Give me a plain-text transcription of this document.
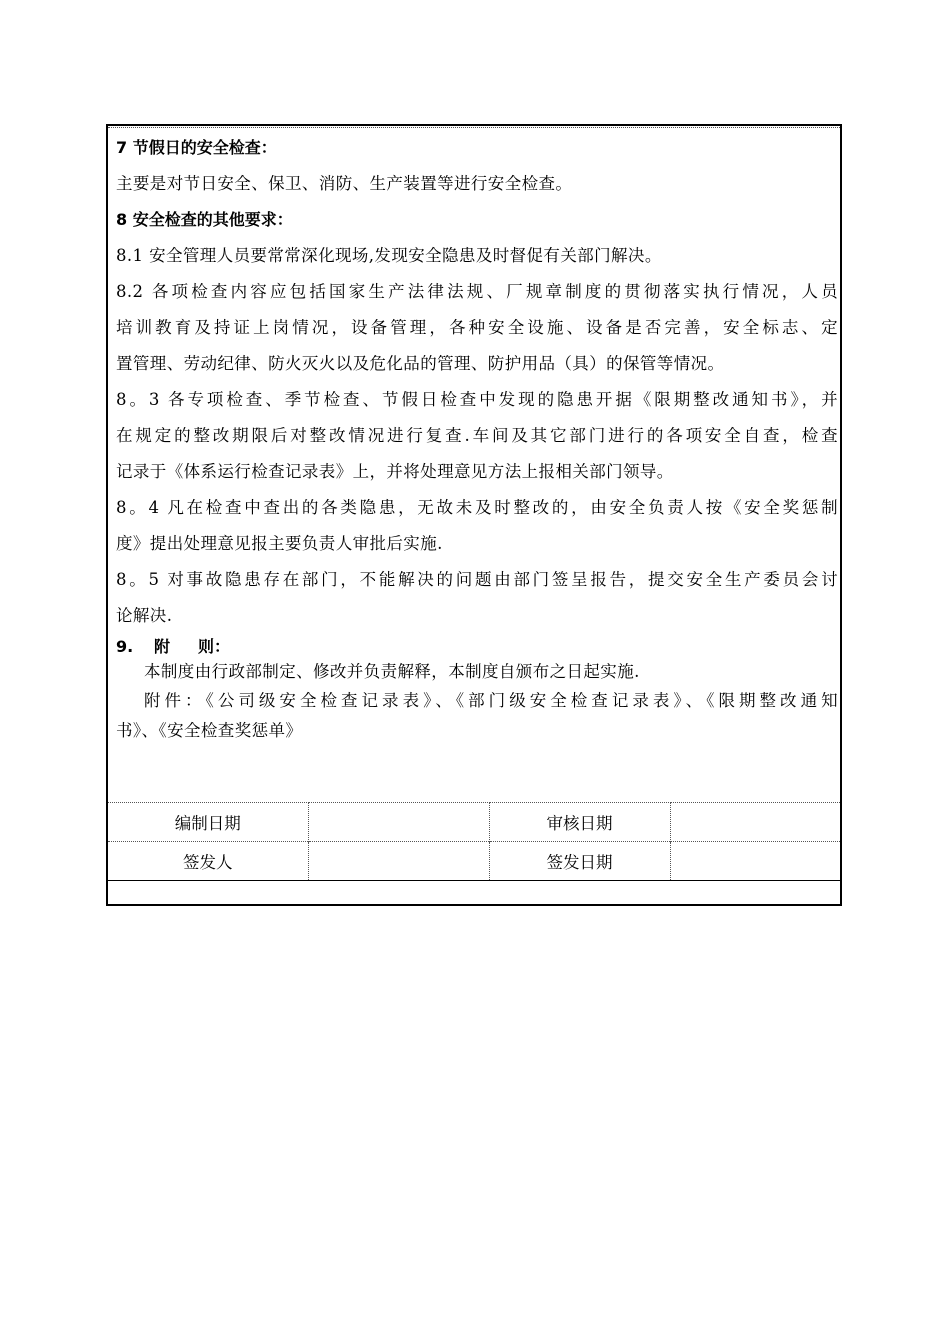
7 节假日的安全检查：
主要是对节日安全、保卫、消防、生产装置等进行安全检查。
8 安全检查的其他要求：
8.1 安全管理人员要常常深化现场,发现安全隐患及时督促有关部门解决。
8.2 各项检查内容应包括国家生产法律法规、厂规章制度的贯彻落实执行情况，人员
培训教育及持证上岗情况，设备管理，各种安全设施、设备是否完善，安全标志、定
置管理、劳动纪律、防火灭火以及危化品的管理、防护用品（具）的保管等情况。
8。3 各专项检查、季节检查、节假日检查中发现的隐患开据《限期整改通知书》，并
在规定的整改期限后对整改情况进行复查.车间及其它部门进行的各项安全自查，检查
记录于《体系运行检查记录表》上，并将处理意见方法上报相关部门领导。
8。4 凡在检查中查出的各类隐患，无故未及时整改的，由安全负责人按《安全奖惩制
度》提出处理意见报主要负责人审批后实施.
8。5 对事故隐患存在部门，不能解决的问题由部门签呈报告，提交安全生产委员会讨
论解决.
9. 附 则：
本制度由行政部制定、修改并负责解释，本制度自颁布之日起实施.
附件：《公司级安全检查记录表》、《部门级安全检查记录表》、《限期整改通知
书》、《安全检查奖惩单》
编制日期		审核日期	
签发人		签发日期	
